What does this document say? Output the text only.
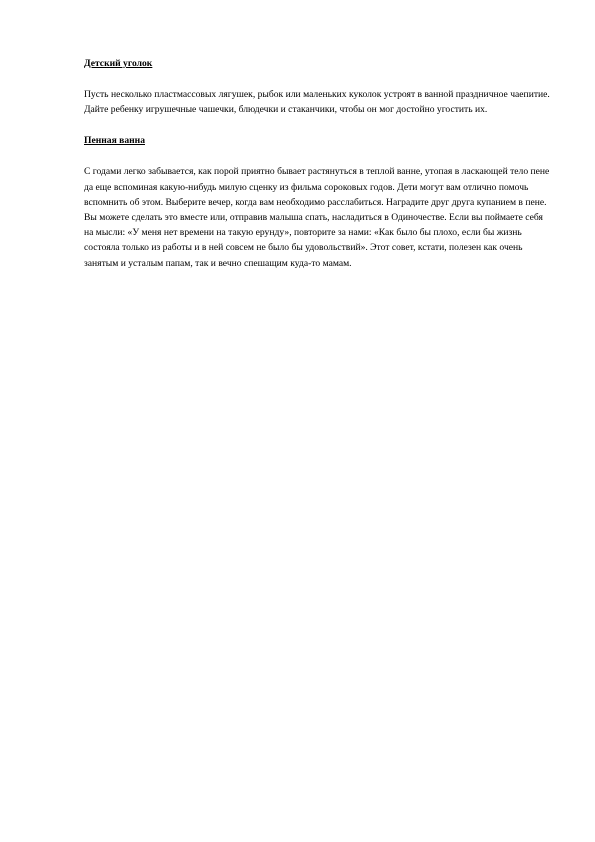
Детский уголок

Пусть несколько пластмассовых лягушек, рыбок или маленьких куколок устроят в ванной праздничное чаепитие. Дайте ребенку игрушечные чашечки, блюдечки и стаканчики, чтобы он мог достойно угостить их.

Пенная ванна

С годами легко забывается, как порой приятно бывает растянуться в теплой ванне, утопая в ласкающей тело пене да еще вспоминая какую-нибудь милую сценку из фильма сороковых годов. Дети могут вам отлично помочь вспомнить об этом. Выберите вечер, когда вам необходимо расслабиться. Наградите друг друга купанием в пене. Вы можете сделать это вместе или, отправив малыша спать, насладиться в Одиночестве. Если вы поймаете себя на мысли: «У меня нет времени на такую ерунду», повторите за нами: «Как было бы плохо, если бы жизнь состояла только из работы и в ней совсем не было бы удовольствий». Этот совет, кстати, полезен как очень занятым и усталым папам, так и вечно спешащим куда-то мамам.
